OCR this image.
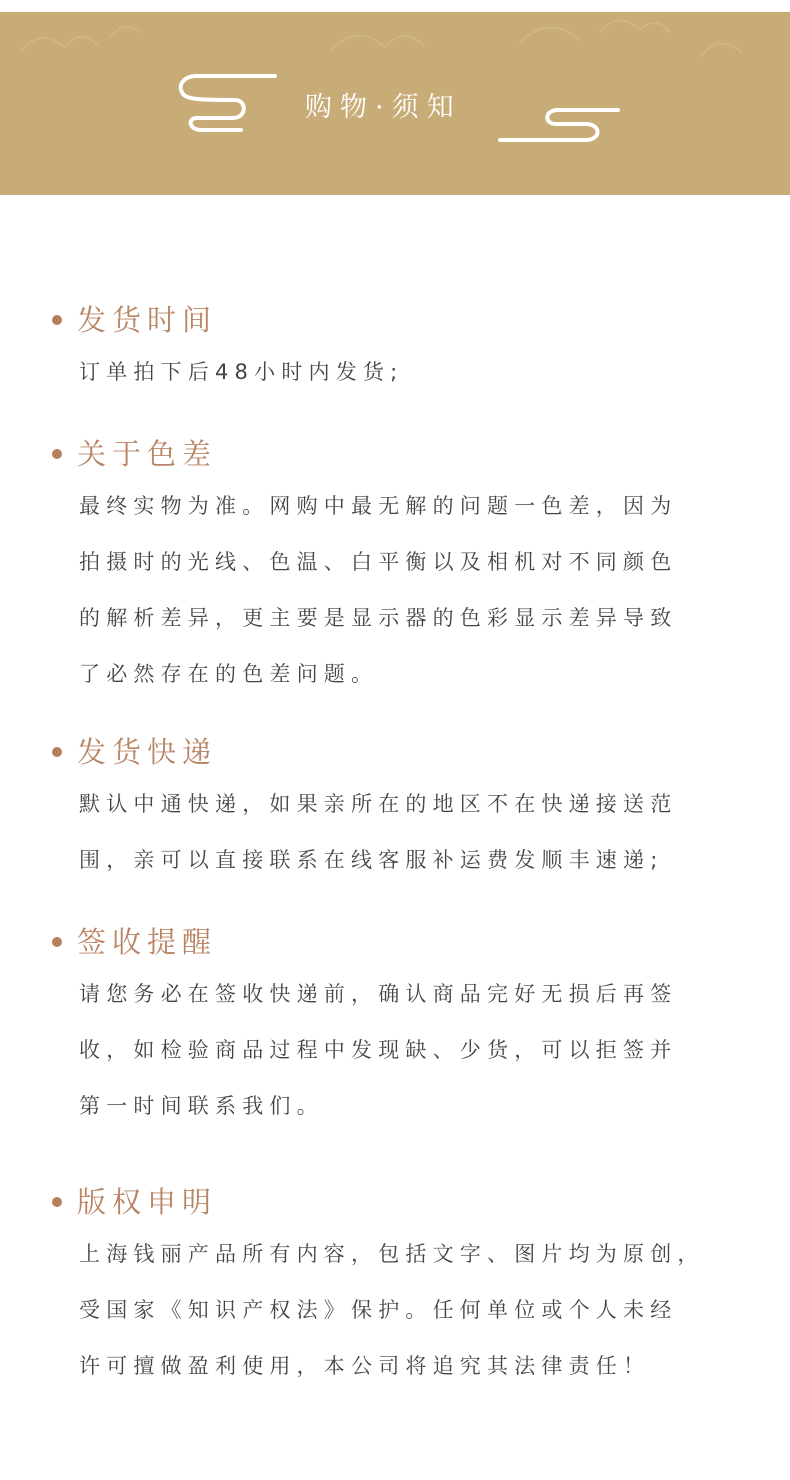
购物·须知
发货时间
订单拍下后48小时内发货;
关于色差
最终实物为准。网购中最无解的问题一色差，因为
拍摄时的光线、色温、白平衡以及相机对不同颜色
的解析差异，更主要是显示器的色彩显示差异导致
了必然存在的色差问题。
发货快递
默认中通快递，如果亲所在的地区不在快递接送范
围，亲可以直接联系在线客服补运费发顺丰速递;
签收提醒
请您务必在签收快递前，确认商品完好无损后再签
收，如检验商品过程中发现缺、少货，可以拒签并
第一时间联系我们。
版权申明
上海钱丽产品所有内容，包括文字、图片均为原创，
受国家《知识产权法》保护。任何单位或个人未经
许可擅做盈利使用，本公司将追究其法律责任！
